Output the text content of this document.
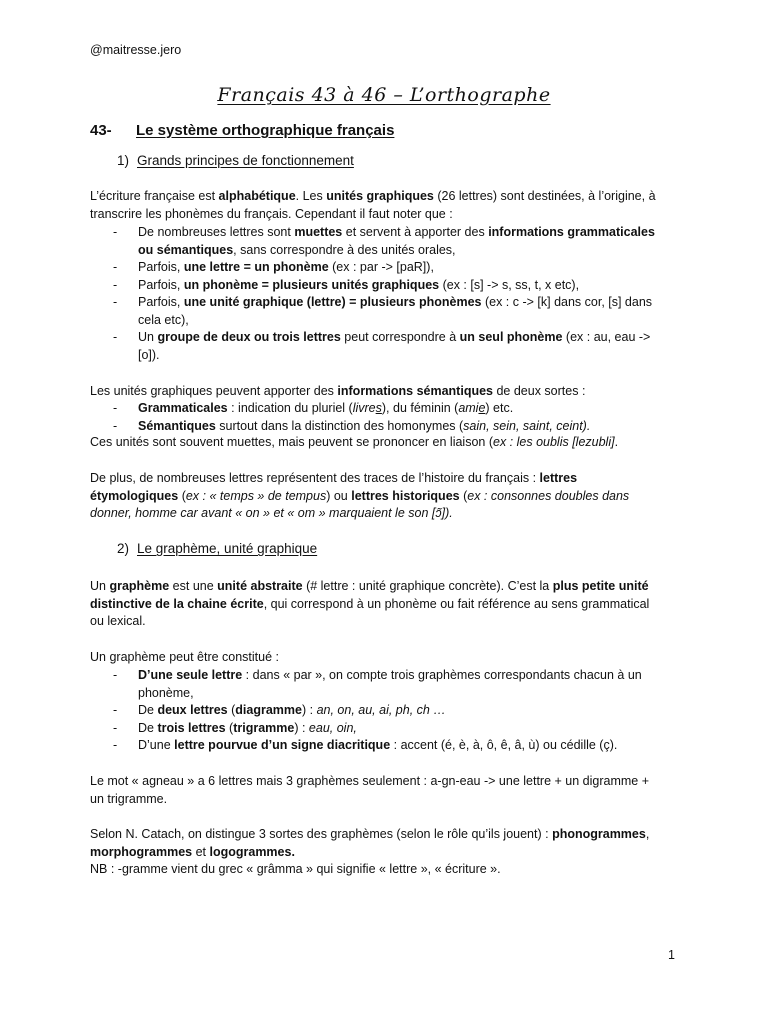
@maitresse.jero
Français 43 à 46 – L’orthographe
43- Le système orthographique français
1) Grands principes de fonctionnement
L’écriture française est alphabétique. Les unités graphiques (26 lettres) sont destinées, à l’origine, à transcrire les phonèmes du français. Cependant il faut noter que :
- De nombreuses lettres sont muettes et servent à apporter des informations grammaticales ou sémantiques, sans correspondre à des unités orales,
- Parfois, une lettre = un phonème (ex : par -> [paR]),
- Parfois, un phonème = plusieurs unités graphiques (ex : [s] -> s, ss, t, x etc),
- Parfois, une unité graphique (lettre) = plusieurs phonèmes (ex : c -> [k] dans cor, [s] dans cela etc),
- Un groupe de deux ou trois lettres peut correspondre à un seul phonème (ex : au, eau -> [o]).
Les unités graphiques peuvent apporter des informations sémantiques de deux sortes :
- Grammaticales : indication du pluriel (livres), du féminin (amie) etc.
- Sémantiques surtout dans la distinction des homonymes (sain, sein, saint, ceint).
Ces unités sont souvent muettes, mais peuvent se prononcer en liaison (ex : les oublis [lezubli].
De plus, de nombreuses lettres représentent des traces de l’histoire du français : lettres étymologiques (ex : « temps » de tempus) ou lettres historiques (ex : consonnes doubles dans donner, homme car avant « on » et « om » marquaient le son [ɔ̃]).
2) Le graphème, unité graphique
Un graphème est une unité abstraite (# lettre : unité graphique concrète). C’est la plus petite unité distinctive de la chaine écrite, qui correspond à un phonème ou fait référence au sens grammatical ou lexical.
Un graphème peut être constitué :
- D’une seule lettre : dans « par », on compte trois graphèmes correspondants chacun à un phonème,
- De deux lettres (diagramme) : an, on, au, ai, ph, ch …
- De trois lettres (trigramme) : eau, oin,
- D’une lettre pourvue d’un signe diacritique : accent (é, è, à, ô, ê, â, ù) ou cédille (ç).
Le mot « agneau » a 6 lettres mais 3 graphèmes seulement : a-gn-eau -> une lettre + un digramme + un trigramme.
Selon N. Catach, on distingue 3 sortes des graphèmes (selon le rôle qu’ils jouent) : phonogrammes, morphogrammes et logogrammes.
NB : -gramme vient du grec « grâmma » qui signifie « lettre », « écriture ».
1
